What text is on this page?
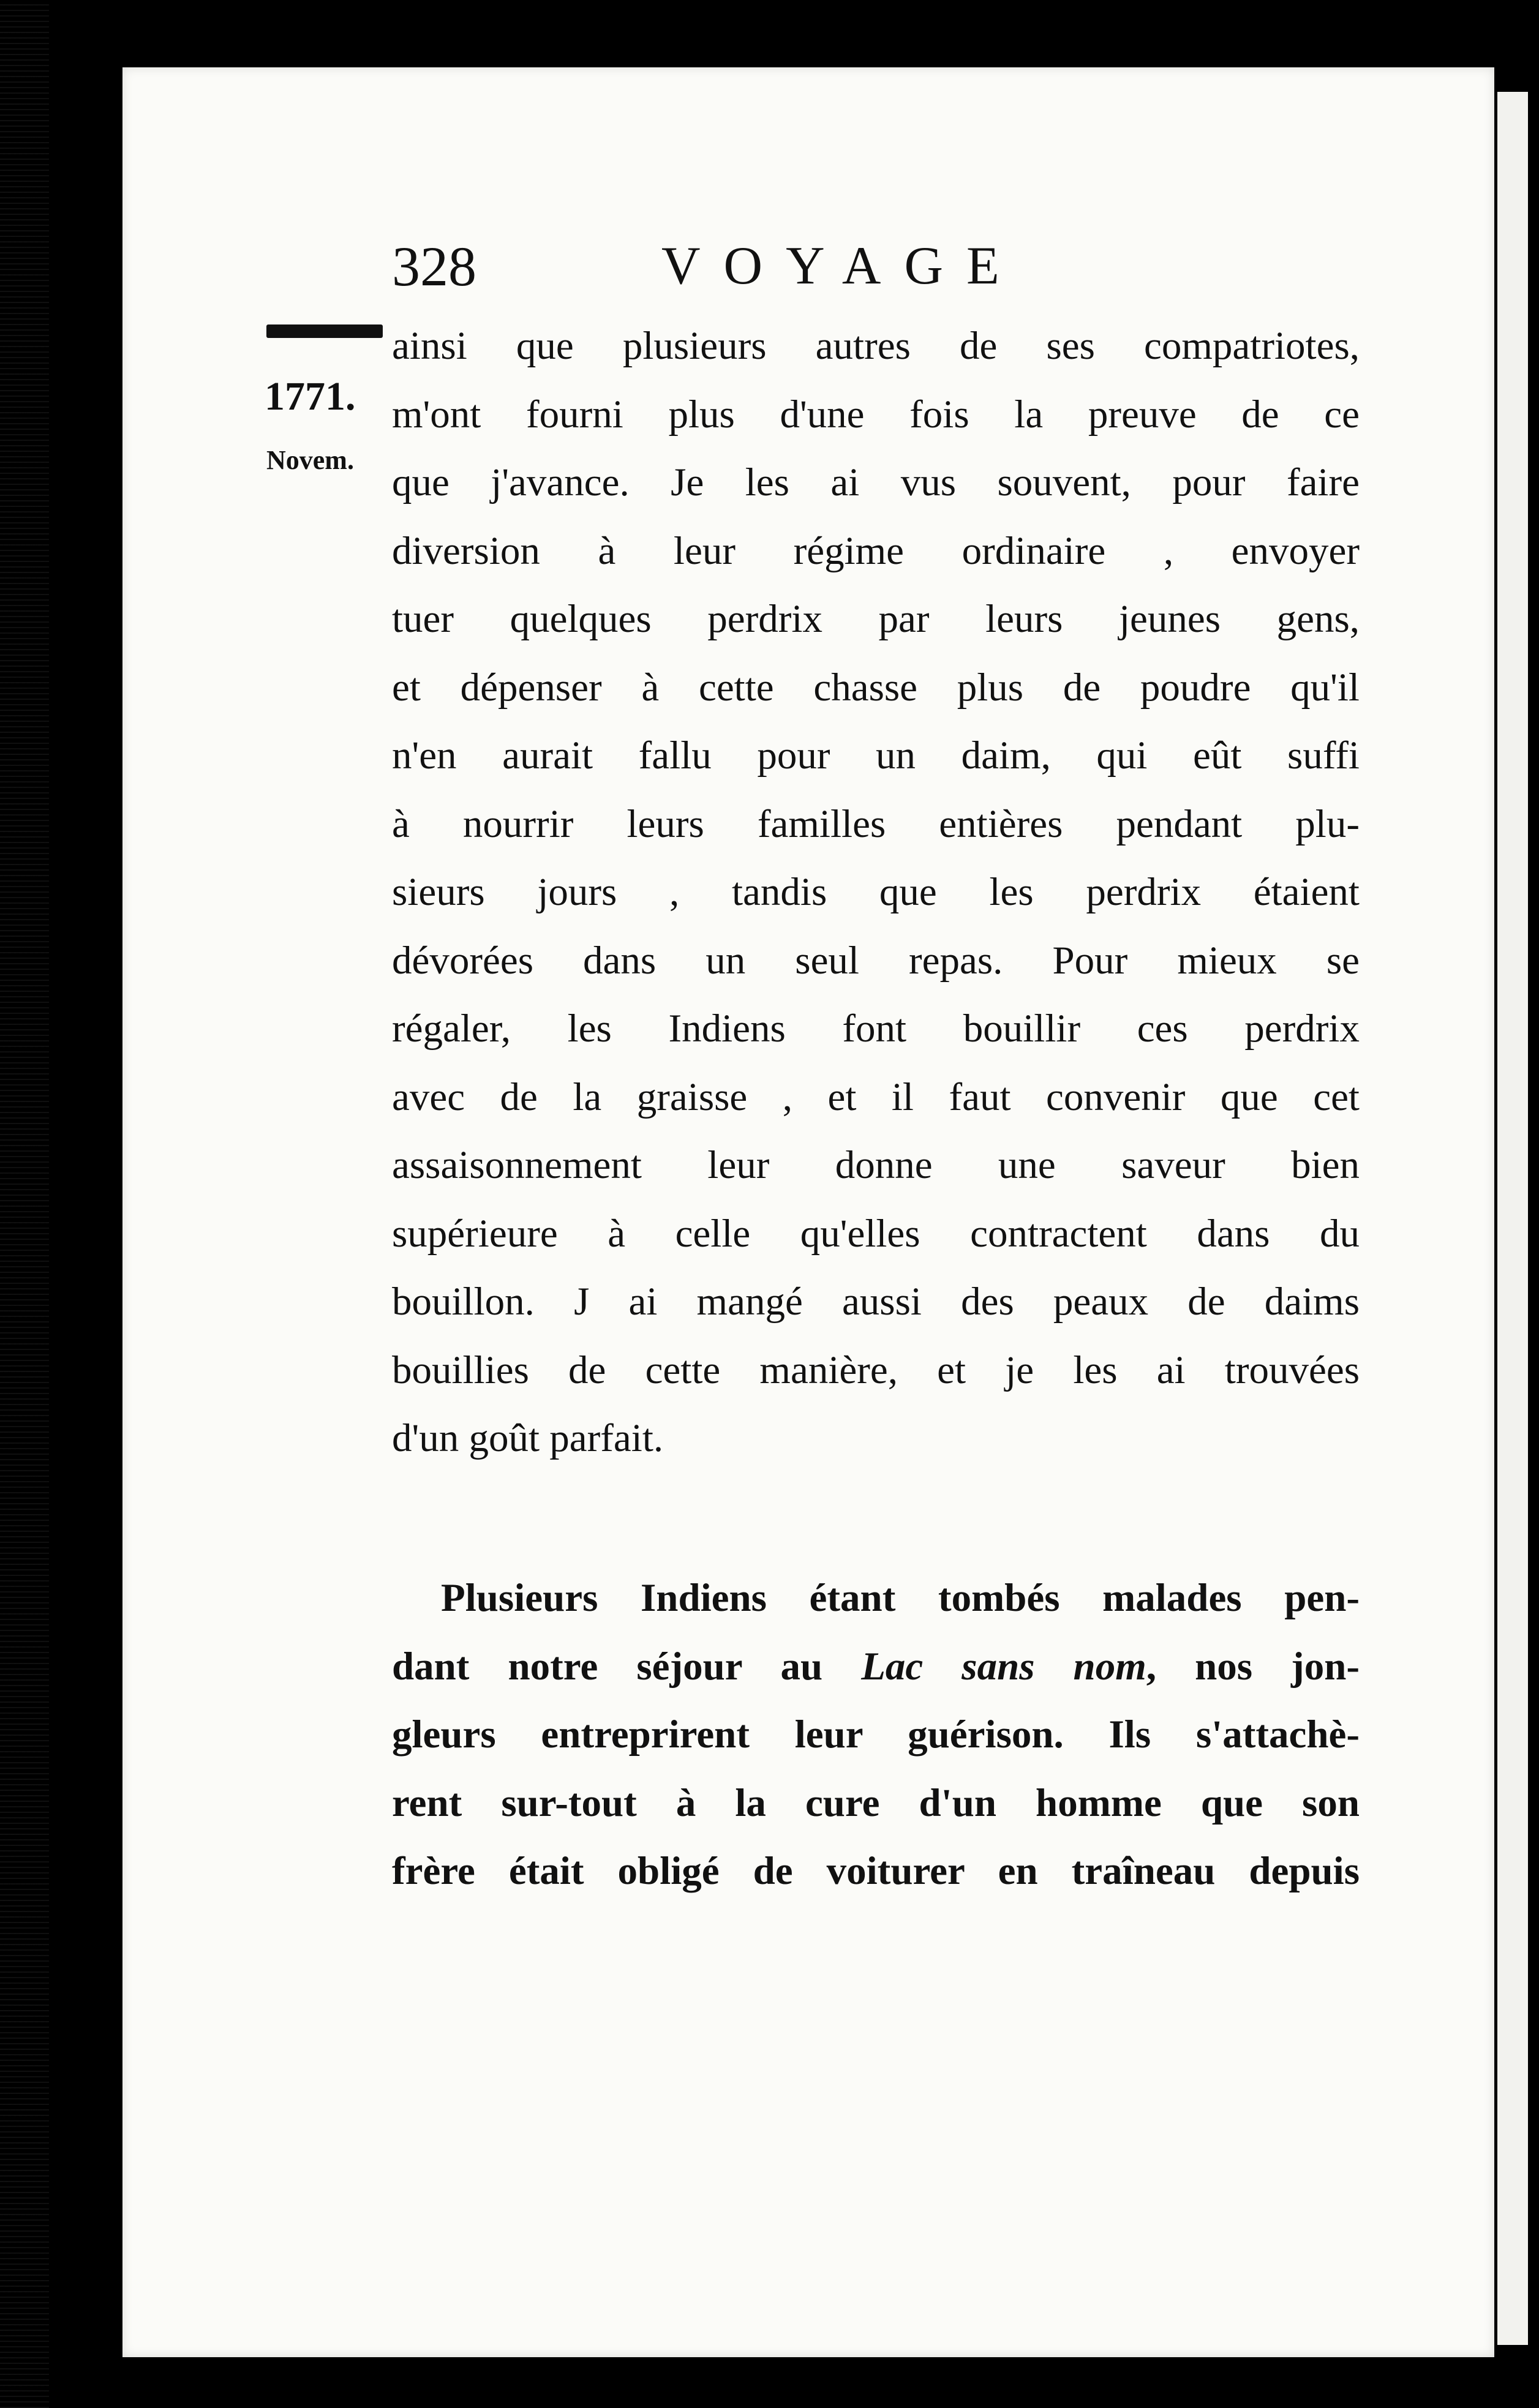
328	VOYAGE
1771.
Novem.
ainsi que plusieurs autres de ses compatriotes,
m'ont fourni plus d'une fois la preuve de ce
que j'avance. Je les ai vus souvent, pour faire
diversion à leur régime ordinaire , envoyer
tuer quelques perdrix par leurs jeunes gens,
et dépenser à cette chasse plus de poudre qu'il
n'en aurait fallu pour un daim, qui eût suffi
à nourrir leurs familles entières pendant plu-
sieurs jours , tandis que les perdrix étaient
dévorées dans un seul repas. Pour mieux se
régaler, les Indiens font bouillir ces perdrix
avec de la graisse , et il faut convenir que cet
assaisonnement leur donne une saveur bien
supérieure à celle qu'elles contractent dans du
bouillon. J ai mangé aussi des peaux de daims
bouillies de cette manière, et je les ai trouvées
d'un goût parfait.
Plusieurs Indiens étant tombés malades pen-
dant notre séjour au Lac sans nom, nos jon-
gleurs entreprirent leur guérison. Ils s'attachè-
rent sur-tout à la cure d'un homme que son
frère était obligé de voiturer en traîneau depuis
